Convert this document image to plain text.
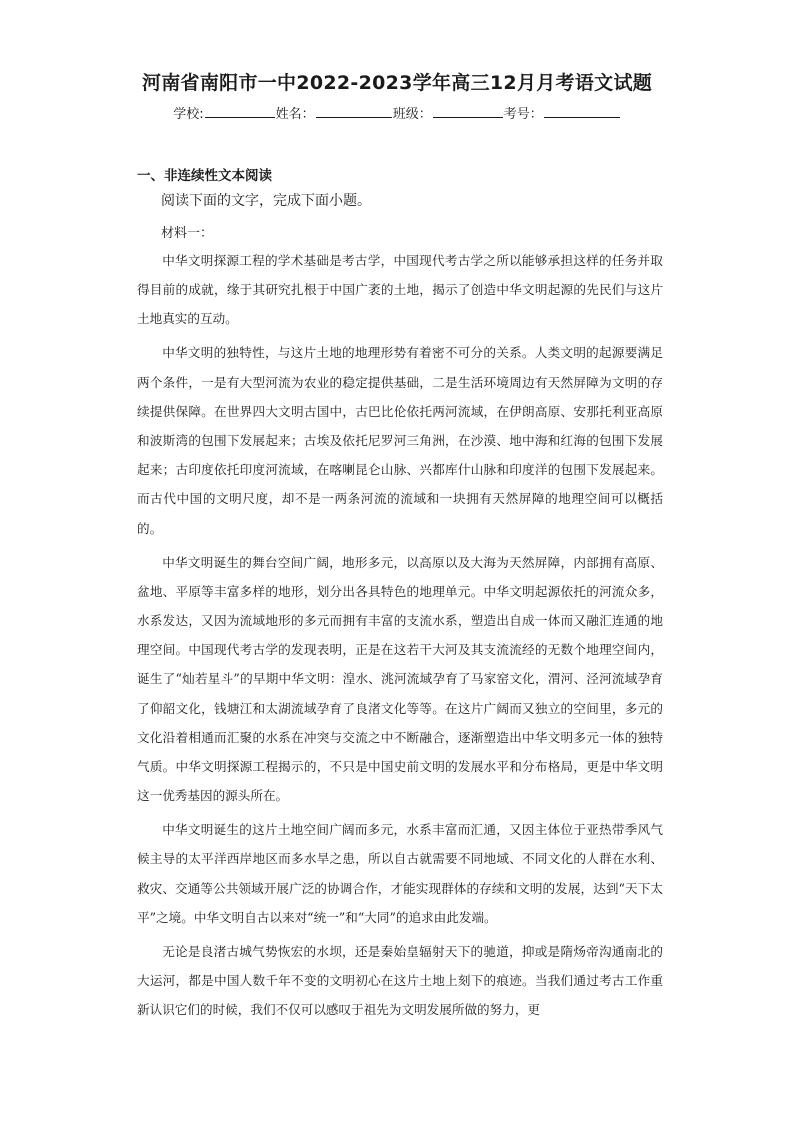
河南省南阳市一中2022-2023学年高三12月月考语文试题
学校:	姓名：	班级：	考号：
一、非连续性文本阅读
阅读下面的文字，完成下面小题。
材料一：

中华文明探源工程的学术基础是考古学，中国现代考古学之所以能够承担这样的任务并取得目前的成就，缘于其研究扎根于中国广袤的土地，揭示了创造中华文明起源的先民们与这片土地真实的互动。

中华文明的独特性，与这片土地的地理形势有着密不可分的关系。人类文明的起源要满足两个条件，一是有大型河流为农业的稳定提供基础，二是生活环境周边有天然屏障为文明的存续提供保障。在世界四大文明古国中，古巴比伦依托两河流域，在伊朗高原、安那托利亚高原和波斯湾的包围下发展起来；古埃及依托尼罗河三角洲，在沙漠、地中海和红海的包围下发展起来；古印度依托印度河流域，在喀喇昆仑山脉、兴都库什山脉和印度洋的包围下发展起来。而古代中国的文明尺度，却不是一两条河流的流域和一块拥有天然屏障的地理空间可以概括的。

中华文明诞生的舞台空间广阔，地形多元，以高原以及大海为天然屏障，内部拥有高原、盆地、平原等丰富多样的地形，划分出各具特色的地理单元。中华文明起源依托的河流众多，水系发达，又因为流域地形的多元而拥有丰富的支流水系，塑造出自成一体而又融汇连通的地理空间。中国现代考古学的发现表明，正是在这若干大河及其支流流经的无数个地理空间内，诞生了“灿若星斗”的早期中华文明：湟水、洮河流域孕育了马家窑文化，渭河、泾河流域孕育了仰韶文化，钱塘江和太湖流域孕育了良渚文化等等。在这片广阔而又独立的空间里，多元的文化沿着相通而汇聚的水系在冲突与交流之中不断融合，逐渐塑造出中华文明多元一体的独特气质。中华文明探源工程揭示的，不只是中国史前文明的发展水平和分布格局，更是中华文明这一优秀基因的源头所在。

中华文明诞生的这片土地空间广阔而多元，水系丰富而汇通，又因主体位于亚热带季风气候主导的太平洋西岸地区而多水旱之患，所以自古就需要不同地域、不同文化的人群在水利、救灾、交通等公共领域开展广泛的协调合作，才能实现群体的存续和文明的发展，达到“天下太平”之境。中华文明自古以来对“统一”和“大同”的追求由此发端。

无论是良渚古城气势恢宏的水坝，还是秦始皇辐射天下的驰道，抑或是隋炀帝沟通南北的大运河，都是中国人数千年不变的文明初心在这片土地上刻下的痕迹。当我们通过考古工作重新认识它们的时候，我们不仅可以感叹于祖先为文明发展所做的努力，更
